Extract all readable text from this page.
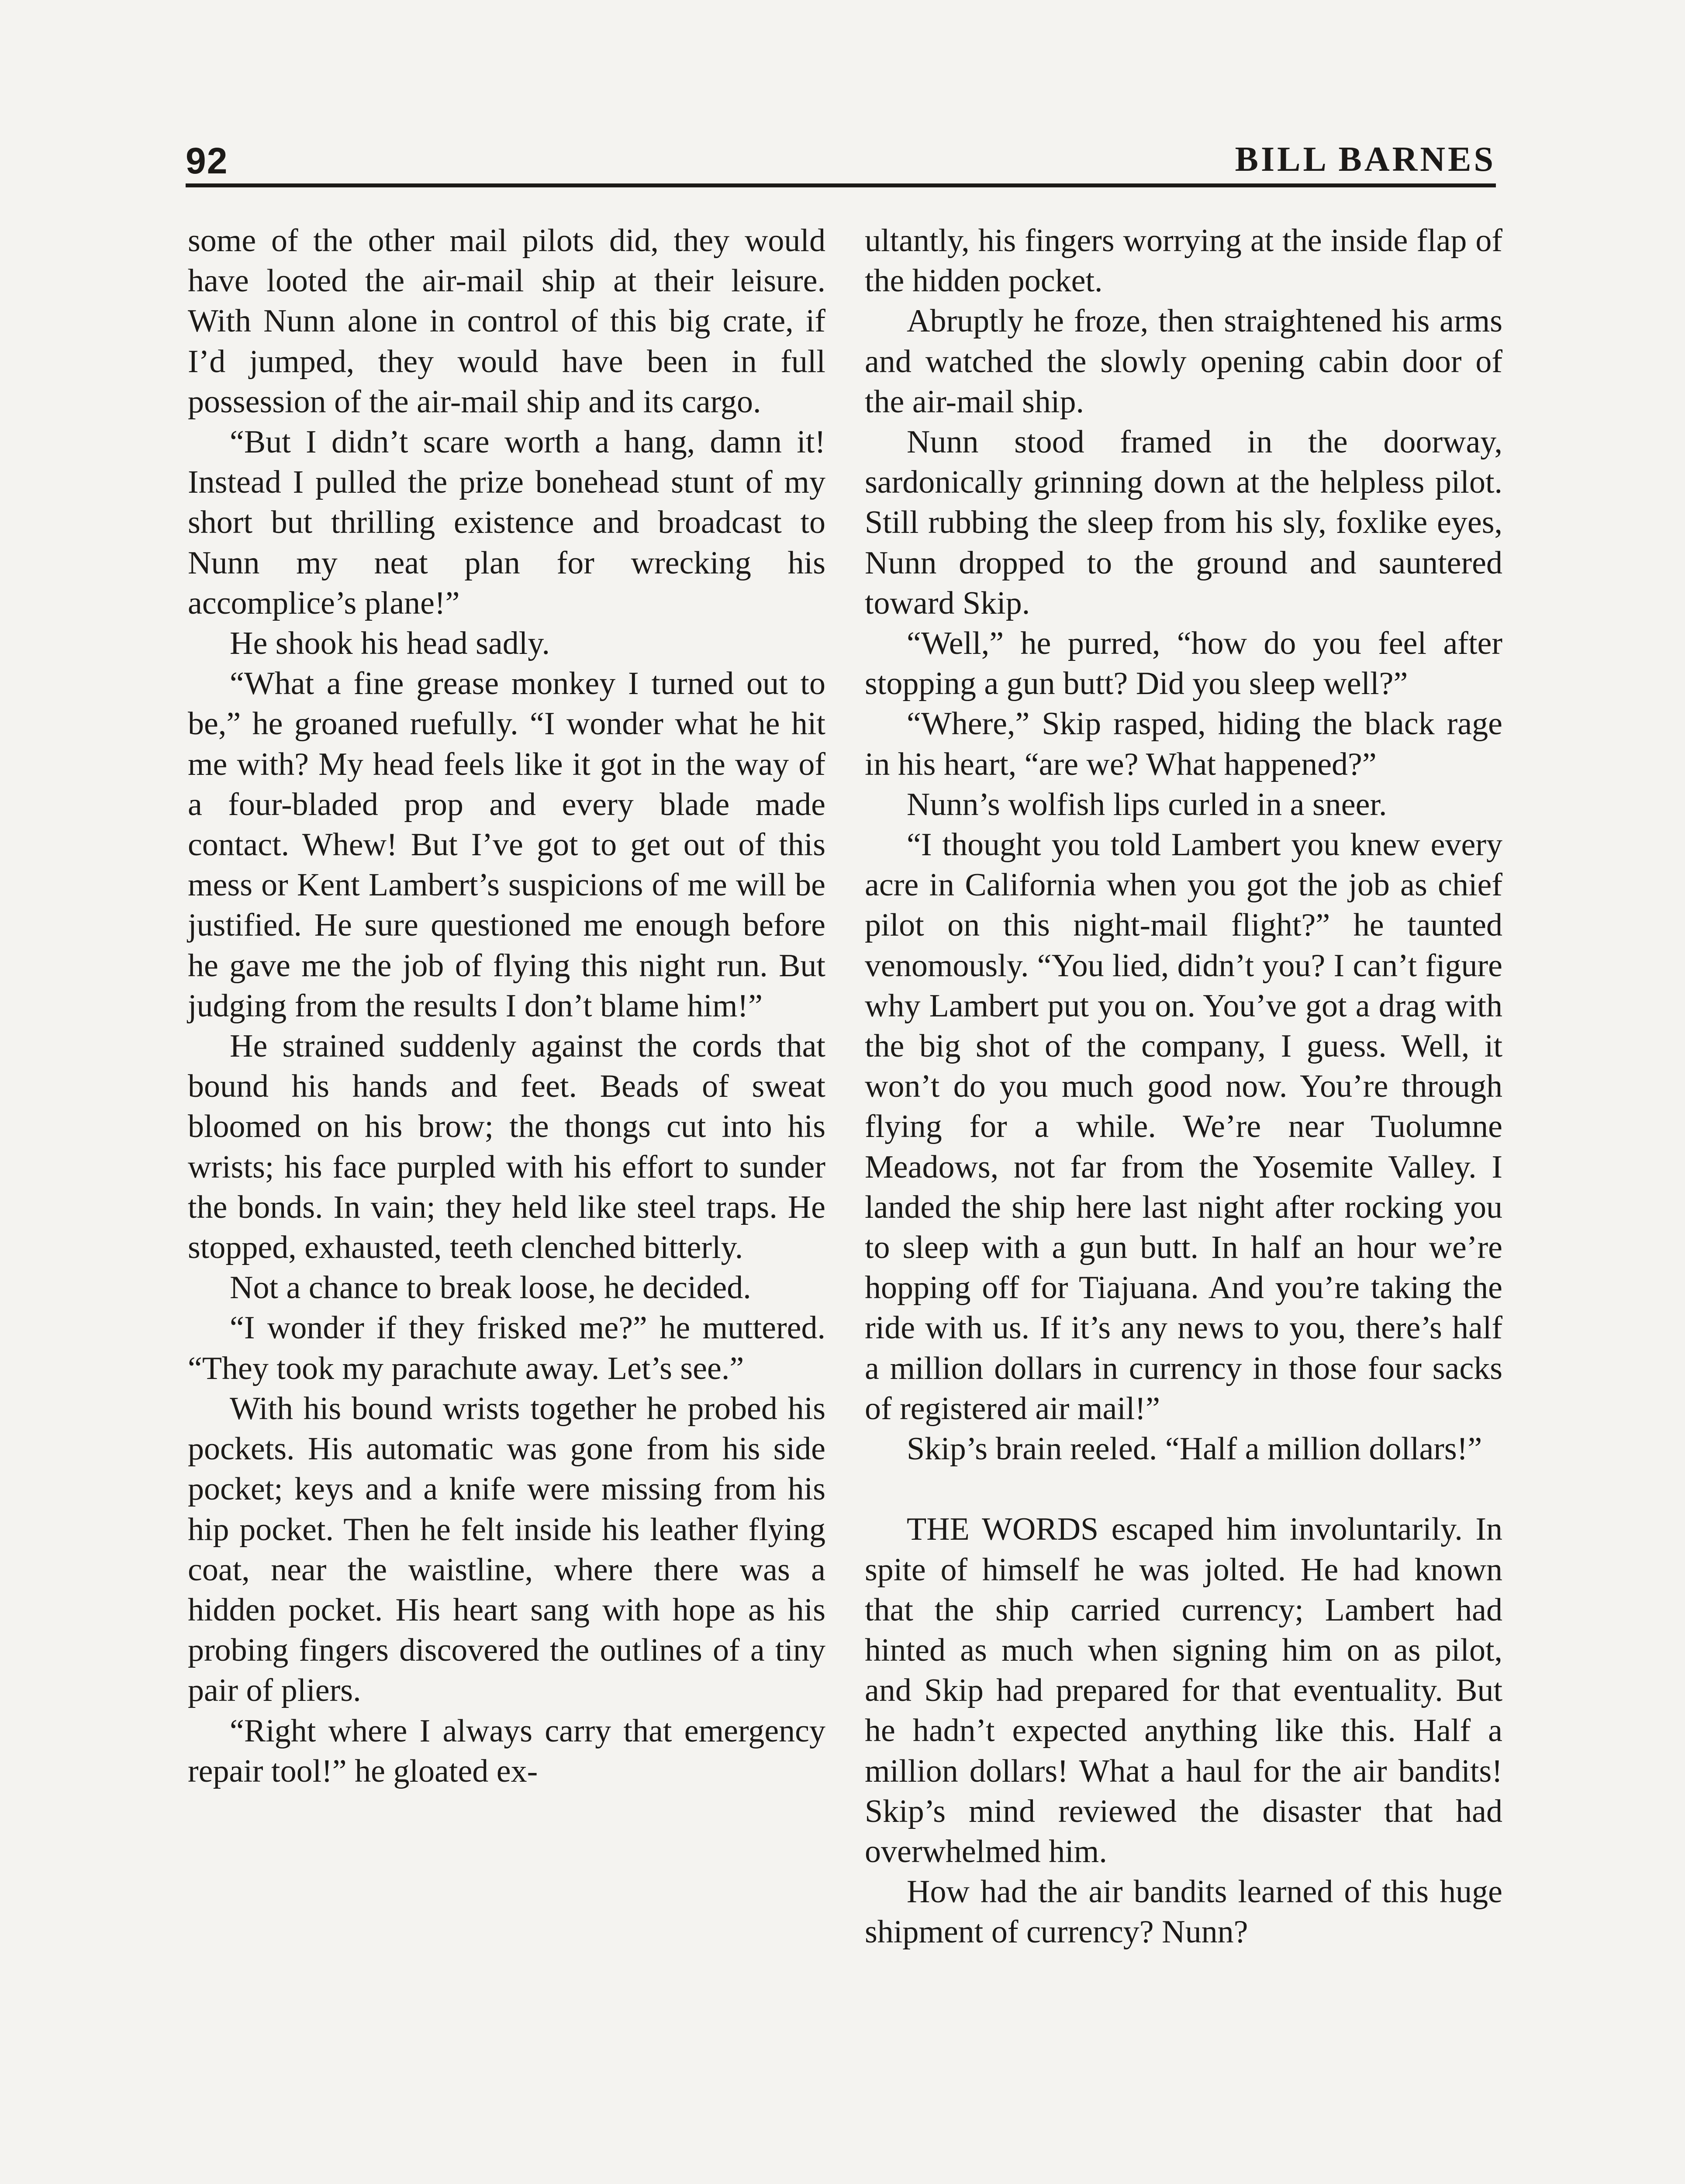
92	BILL BARNES

some of the other mail pilots did, they would have looted the air-mail ship at their leisure. With Nunn alone in control of this big crate, if I’d jumped, they would have been in full possession of the air-mail ship and its cargo.

“But I didn’t scare worth a hang, damn it! Instead I pulled the prize bonehead stunt of my short but thrilling existence and broadcast to Nunn my neat plan for wrecking his accomplice’s plane!”

He shook his head sadly.

“What a fine grease monkey I turned out to be,” he groaned ruefully. “I wonder what he hit me with? My head feels like it got in the way of a four-bladed prop and every blade made contact. Whew! But I’ve got to get out of this mess or Kent Lambert’s suspicions of me will be justified. He sure questioned me enough before he gave me the job of flying this night run. But judging from the results I don’t blame him!”

He strained suddenly against the cords that bound his hands and feet. Beads of sweat bloomed on his brow; the thongs cut into his wrists; his face purpled with his effort to sunder the bonds. In vain; they held like steel traps. He stopped, exhausted, teeth clenched bitterly.

Not a chance to break loose, he decided.

“I wonder if they frisked me?” he muttered. “They took my parachute away. Let’s see.”

With his bound wrists together he probed his pockets. His automatic was gone from his side pocket; keys and a knife were missing from his hip pocket. Then he felt inside his leather flying coat, near the waistline, where there was a hidden pocket. His heart sang with hope as his probing fingers discovered the outlines of a tiny pair of pliers.

“Right where I always carry that emergency repair tool!” he gloated ex-

ultantly, his fingers worrying at the inside flap of the hidden pocket.

Abruptly he froze, then straightened his arms and watched the slowly opening cabin door of the air-mail ship.

Nunn stood framed in the doorway, sardonically grinning down at the helpless pilot. Still rubbing the sleep from his sly, foxlike eyes, Nunn dropped to the ground and sauntered toward Skip.

“Well,” he purred, “how do you feel after stopping a gun butt? Did you sleep well?”

“Where,” Skip rasped, hiding the black rage in his heart, “are we? What happened?”

Nunn’s wolfish lips curled in a sneer.

“I thought you told Lambert you knew every acre in California when you got the job as chief pilot on this night-mail flight?” he taunted venomously. “You lied, didn’t you? I can’t figure why Lambert put you on. You’ve got a drag with the big shot of the company, I guess. Well, it won’t do you much good now. You’re through flying for a while. We’re near Tuolumne Meadows, not far from the Yosemite Valley. I landed the ship here last night after rocking you to sleep with a gun butt. In half an hour we’re hopping off for Tiajuana. And you’re taking the ride with us. If it’s any news to you, there’s half a million dollars in currency in those four sacks of registered air mail!”

Skip’s brain reeled. “Half a million dollars!”

THE WORDS escaped him involuntarily. In spite of himself he was jolted. He had known that the ship carried currency; Lambert had hinted as much when signing him on as pilot, and Skip had prepared for that eventuality. But he hadn’t expected anything like this. Half a million dollars! What a haul for the air bandits! Skip’s mind reviewed the disaster that had overwhelmed him.

How had the air bandits learned of this huge shipment of currency? Nunn?
